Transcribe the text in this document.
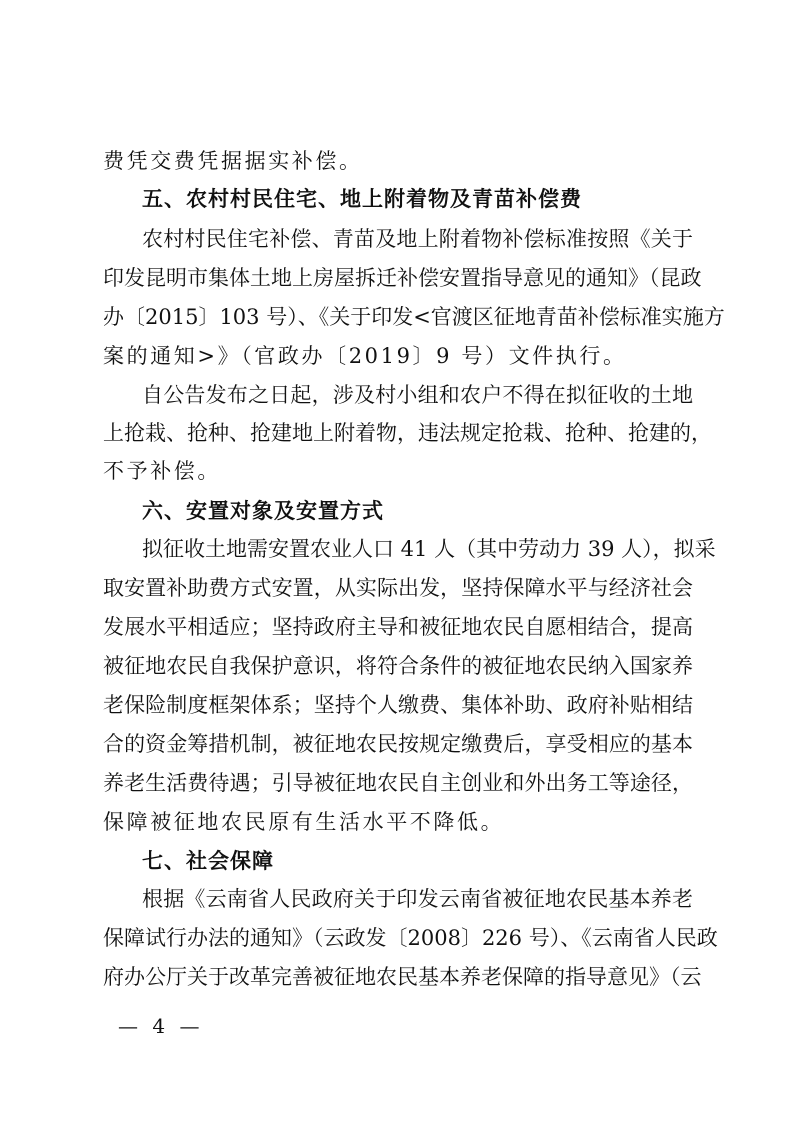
费凭交费凭据据实补偿。
五、农村村民住宅、地上附着物及青苗补偿费
农村村民住宅补偿、青苗及地上附着物补偿标准按照《关于
印发昆明市集体土地上房屋拆迁补偿安置指导意见的通知》（昆政
办〔2015〕103 号）、《关于印发<官渡区征地青苗补偿标准实施方
案的通知>》（官政办〔2019〕9 号）文件执行。
自公告发布之日起，涉及村小组和农户不得在拟征收的土地
上抢栽、抢种、抢建地上附着物，违法规定抢栽、抢种、抢建的，
不予补偿。
六、安置对象及安置方式
拟征收土地需安置农业人口 41 人（其中劳动力 39 人），拟采
取安置补助费方式安置，从实际出发，坚持保障水平与经济社会
发展水平相适应；坚持政府主导和被征地农民自愿相结合，提高
被征地农民自我保护意识，将符合条件的被征地农民纳入国家养
老保险制度框架体系；坚持个人缴费、集体补助、政府补贴相结
合的资金筹措机制，被征地农民按规定缴费后，享受相应的基本
养老生活费待遇；引导被征地农民自主创业和外出务工等途径，
保障被征地农民原有生活水平不降低。
七、社会保障
根据《云南省人民政府关于印发云南省被征地农民基本养老
保障试行办法的通知》（云政发〔2008〕226 号）、《云南省人民政
府办公厅关于改革完善被征地农民基本养老保障的指导意见》（云
— 4 —
